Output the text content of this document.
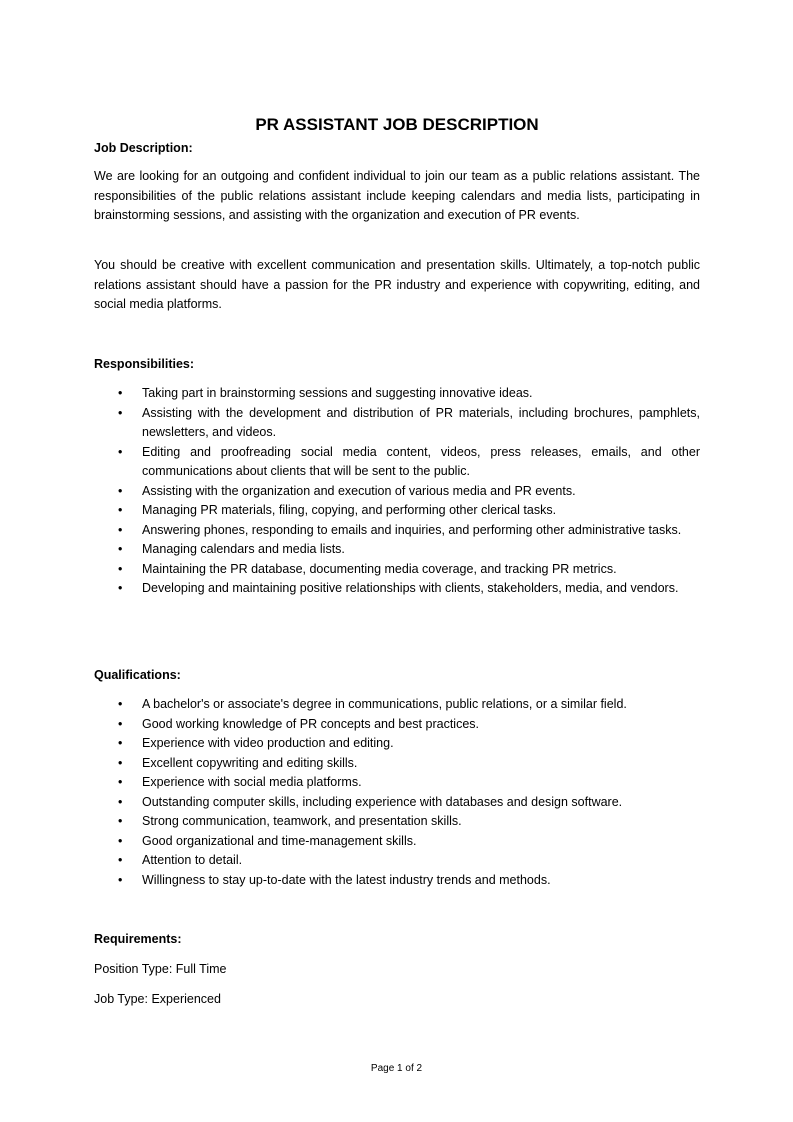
PR ASSISTANT JOB DESCRIPTION
Job Description:

We are looking for an outgoing and confident individual to join our team as a public relations assistant. The responsibilities of the public relations assistant include keeping calendars and media lists, participating in brainstorming sessions, and assisting with the organization and execution of PR events.

You should be creative with excellent communication and presentation skills. Ultimately, a top-notch public relations assistant should have a passion for the PR industry and experience with copywriting, editing, and social media platforms.

Responsibilities:
•	Taking part in brainstorming sessions and suggesting innovative ideas.
•	Assisting with the development and distribution of PR materials, including brochures, pamphlets, newsletters, and videos.
•	Editing and proofreading social media content, videos, press releases, emails, and other communications about clients that will be sent to the public.
•	Assisting with the organization and execution of various media and PR events.
•	Managing PR materials, filing, copying, and performing other clerical tasks.
•	Answering phones, responding to emails and inquiries, and performing other administrative tasks.
•	Managing calendars and media lists.
•	Maintaining the PR database, documenting media coverage, and tracking PR metrics.
•	Developing and maintaining positive relationships with clients, stakeholders, media, and vendors.
Qualifications:
•	A bachelor's or associate's degree in communications, public relations, or a similar field.
•	Good working knowledge of PR concepts and best practices.
•	Experience with video production and editing.
•	Excellent copywriting and editing skills.
•	Experience with social media platforms.
•	Outstanding computer skills, including experience with databases and design software.
•	Strong communication, teamwork, and presentation skills.
•	Good organizational and time-management skills.
•	Attention to detail.
•	Willingness to stay up-to-date with the latest industry trends and methods.
Requirements:
Position Type: Full Time
Job Type: Experienced
Page 1 of 2
